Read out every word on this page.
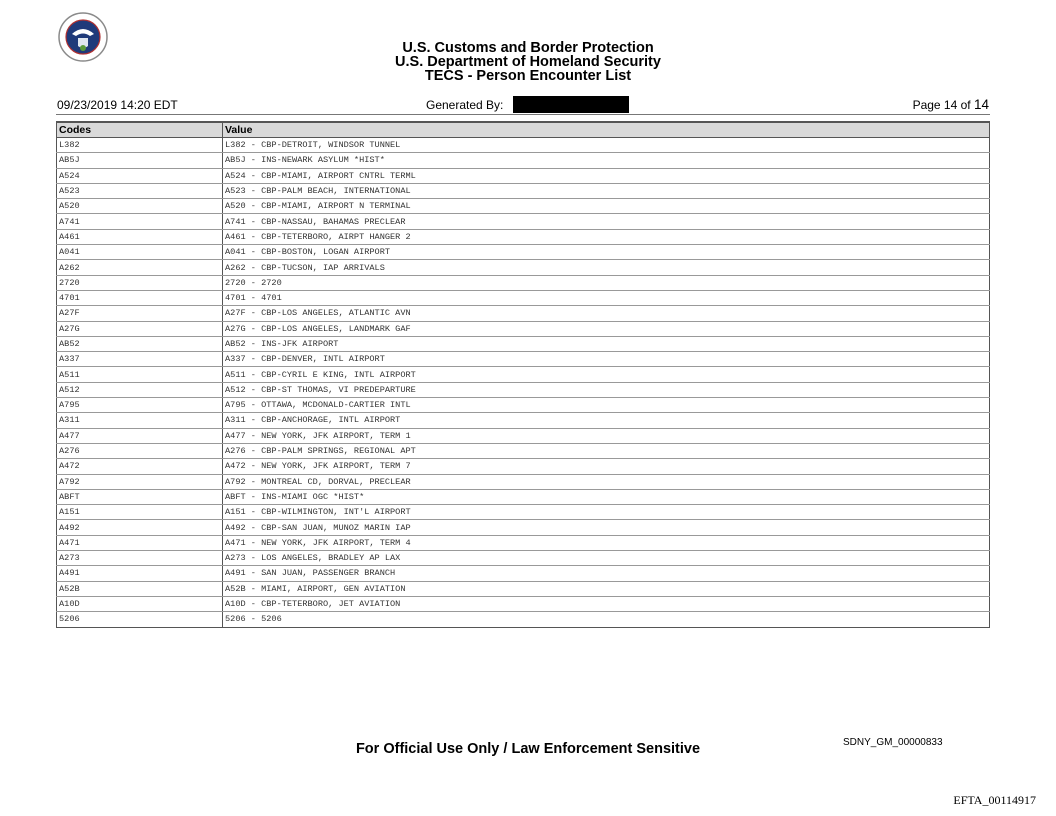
U.S. Customs and Border Protection
U.S. Department of Homeland Security
TECS - Person Encounter List
09/23/2019 14:20 EDT	Generated By:	Page 14 of 14
Codes	Value
L382	L382 - CBP-DETROIT, WINDSOR TUNNEL
AB5J	AB5J - INS-NEWARK ASYLUM *HIST*
A524	A524 - CBP-MIAMI, AIRPORT CNTRL TERML
A523	A523 - CBP-PALM BEACH, INTERNATIONAL
A520	A520 - CBP-MIAMI, AIRPORT N TERMINAL
A741	A741 - CBP-NASSAU, BAHAMAS PRECLEAR
A461	A461 - CBP-TETERBORO, AIRPT HANGER 2
A041	A041 - CBP-BOSTON, LOGAN AIRPORT
A262	A262 - CBP-TUCSON, IAP ARRIVALS
2720	2720 - 2720
4701	4701 - 4701
A27F	A27F - CBP-LOS ANGELES, ATLANTIC AVN
A27G	A27G - CBP-LOS ANGELES, LANDMARK GAF
AB52	AB52 - INS-JFK AIRPORT
A337	A337 - CBP-DENVER, INTL AIRPORT
A511	A511 - CBP-CYRIL E KING, INTL AIRPORT
A512	A512 - CBP-ST THOMAS, VI PREDEPARTURE
A795	A795 - OTTAWA, MCDONALD-CARTIER INTL
A311	A311 - CBP-ANCHORAGE, INTL AIRPORT
A477	A477 - NEW YORK, JFK AIRPORT, TERM 1
A276	A276 - CBP-PALM SPRINGS, REGIONAL APT
A472	A472 - NEW YORK, JFK AIRPORT, TERM 7
A792	A792 - MONTREAL CD, DORVAL, PRECLEAR
ABFT	ABFT - INS-MIAMI OGC *HIST*
A151	A151 - CBP-WILMINGTON, INT'L AIRPORT
A492	A492 - CBP-SAN JUAN, MUNOZ MARIN IAP
A471	A471 - NEW YORK, JFK AIRPORT, TERM 4
A273	A273 - LOS ANGELES, BRADLEY AP LAX
A491	A491 - SAN JUAN, PASSENGER BRANCH
A52B	A52B - MIAMI, AIRPORT, GEN AVIATION
A10D	A10D - CBP-TETERBORO, JET AVIATION
5206	5206 - 5206
For Official Use Only / Law Enforcement Sensitive	SDNY_GM_00000833
EFTA_00114917
